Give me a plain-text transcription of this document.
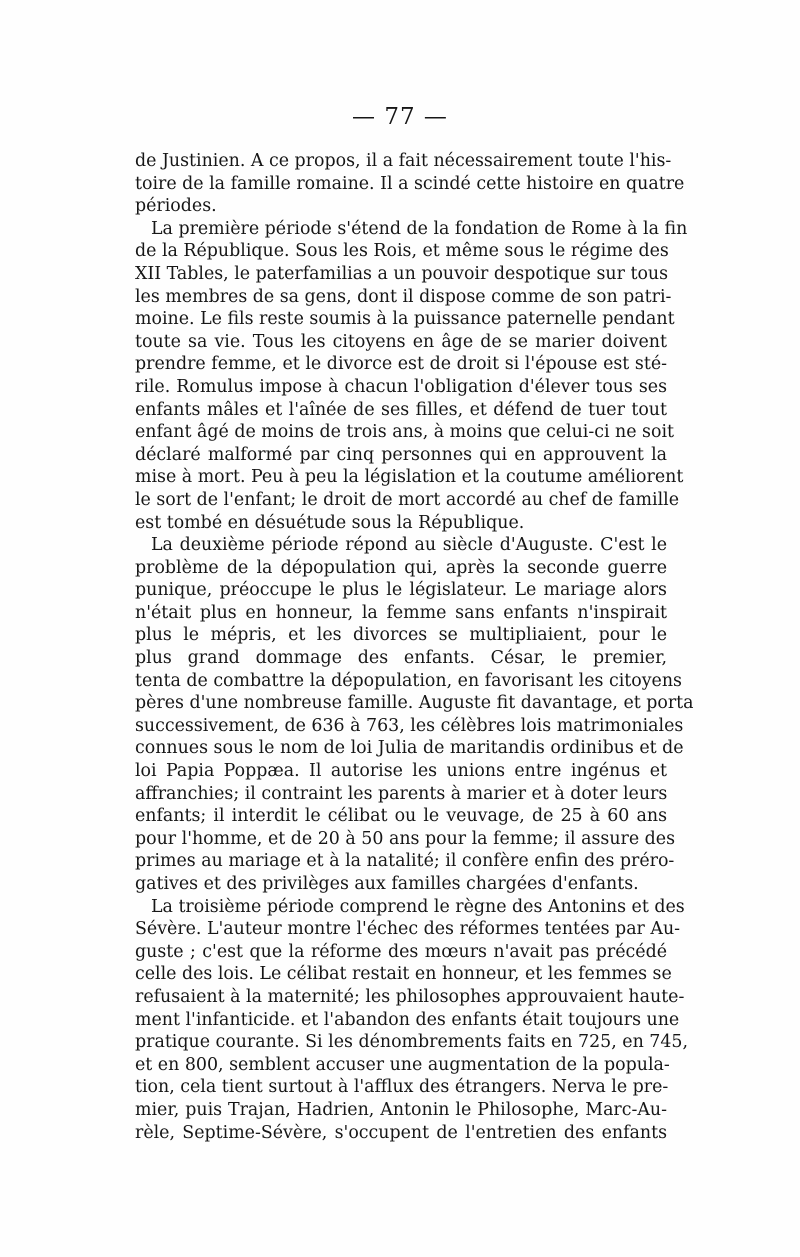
— 77 —
de Justinien. A ce propos, il a fait nécessairement toute l'his-
toire de la famille romaine. Il a scindé cette histoire en quatre
périodes.
La première période s'étend de la fondation de Rome à la fin
de la République. Sous les Rois, et même sous le régime des
XII Tables, le paterfamilias a un pouvoir despotique sur tous
les membres de sa gens, dont il dispose comme de son patri-
moine. Le fils reste soumis à la puissance paternelle pendant
toute sa vie. Tous les citoyens en âge de se marier doivent
prendre femme, et le divorce est de droit si l'épouse est sté-
rile. Romulus impose à chacun l'obligation d'élever tous ses
enfants mâles et l'aînée de ses filles, et défend de tuer tout
enfant âgé de moins de trois ans, à moins que celui-ci ne soit
déclaré malformé par cinq personnes qui en approuvent la
mise à mort. Peu à peu la législation et la coutume améliorent
le sort de l'enfant; le droit de mort accordé au chef de famille
est tombé en désuétude sous la République.
La deuxième période répond au siècle d'Auguste. C'est le
problème de la dépopulation qui, après la seconde guerre
punique, préoccupe le plus le législateur. Le mariage alors
n'était plus en honneur, la femme sans enfants n'inspirait
plus le mépris, et les divorces se multipliaient, pour le
plus grand dommage des enfants. César, le premier,
tenta de combattre la dépopulation, en favorisant les citoyens
pères d'une nombreuse famille. Auguste fit davantage, et porta
successivement, de 636 à 763, les célèbres lois matrimoniales
connues sous le nom de loi Julia de maritandis ordinibus et de
loi Papia Poppæa. Il autorise les unions entre ingénus et
affranchies; il contraint les parents à marier et à doter leurs
enfants; il interdit le célibat ou le veuvage, de 25 à 60 ans
pour l'homme, et de 20 à 50 ans pour la femme; il assure des
primes au mariage et à la natalité; il confère enfin des préro-
gatives et des privilèges aux familles chargées d'enfants.
La troisième période comprend le règne des Antonins et des
Sévère. L'auteur montre l'échec des réformes tentées par Au-
guste ; c'est que la réforme des mœurs n'avait pas précédé
celle des lois. Le célibat restait en honneur, et les femmes se
refusaient à la maternité; les philosophes approuvaient haute-
ment l'infanticide. et l'abandon des enfants était toujours une
pratique courante. Si les dénombrements faits en 725, en 745,
et en 800, semblent accuser une augmentation de la popula-
tion, cela tient surtout à l'afflux des étrangers. Nerva le pre-
mier, puis Trajan, Hadrien, Antonin le Philosophe, Marc-Au-
rèle, Septime-Sévère, s'occupent de l'entretien des enfants
